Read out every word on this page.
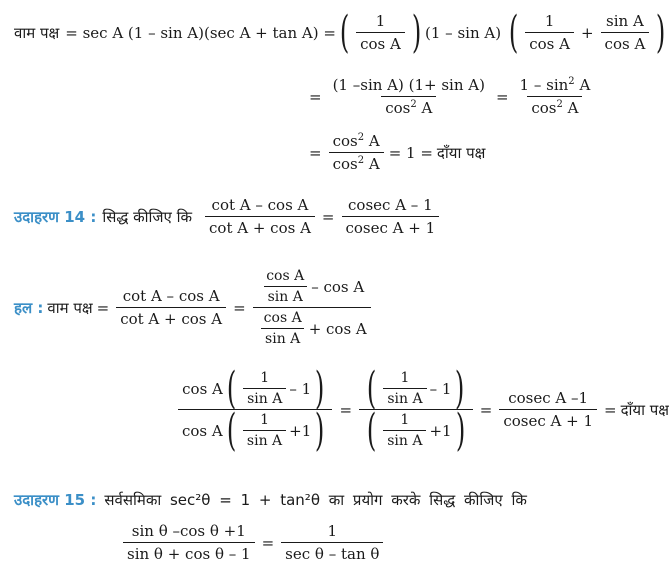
वाम पक्ष = sec A (1 – sin A)(sec A + tan A) = ( $\frac{1}{\text{cos A}}$ ) (1 – sin A) ( $\frac{1}{\text{cos A}} + \frac{\text{sin A}}{\text{cos A}}$ )
= $\frac{\text{(1 –sin A) (1+ sin A)}}{\cos^2 A} = \frac{1 - \sin^2 A}{\cos^2 A}$
= $\frac{\cos^2 A}{\cos^2 A} = 1$ = दाँया पक्ष
उदाहरण 14 : सिद्ध कीजिए कि $\frac{\text{cot A – cos A}}{\text{cot A + cos A}} = \frac{\text{cosec A – 1}}{\text{cosec A + 1}}$
हल : वाम पक्ष = $\frac{\text{cot A – cos A}}{\text{cot A + cos A}} = \frac{\frac{\text{cos A}}{\text{sin A}} - \cos A}{\frac{\text{cos A}}{\text{sin A}} + \cos A}$
cos A ( $\frac{1}{\text{sin A}} - 1$ )
cos A ( $\frac{1}{\text{sin A}} +1$ ) = $\frac{( \frac{1}{\text{sin A}} - 1 )}{( \frac{1}{\text{sin A}} +1 )} = \frac{\text{cosec A –1}}{\text{cosec A + 1}}$ = दाँया पक्ष
उदाहरण 15 : सर्वसमिका sec²θ = 1 + tan²θ का प्रयोग करके सिद्ध कीजिए कि
$\frac{\text{sin θ –cos θ +1}}{\text{sin θ + cos θ – 1}} = \frac{1}{\text{sec θ – tan θ}}$
